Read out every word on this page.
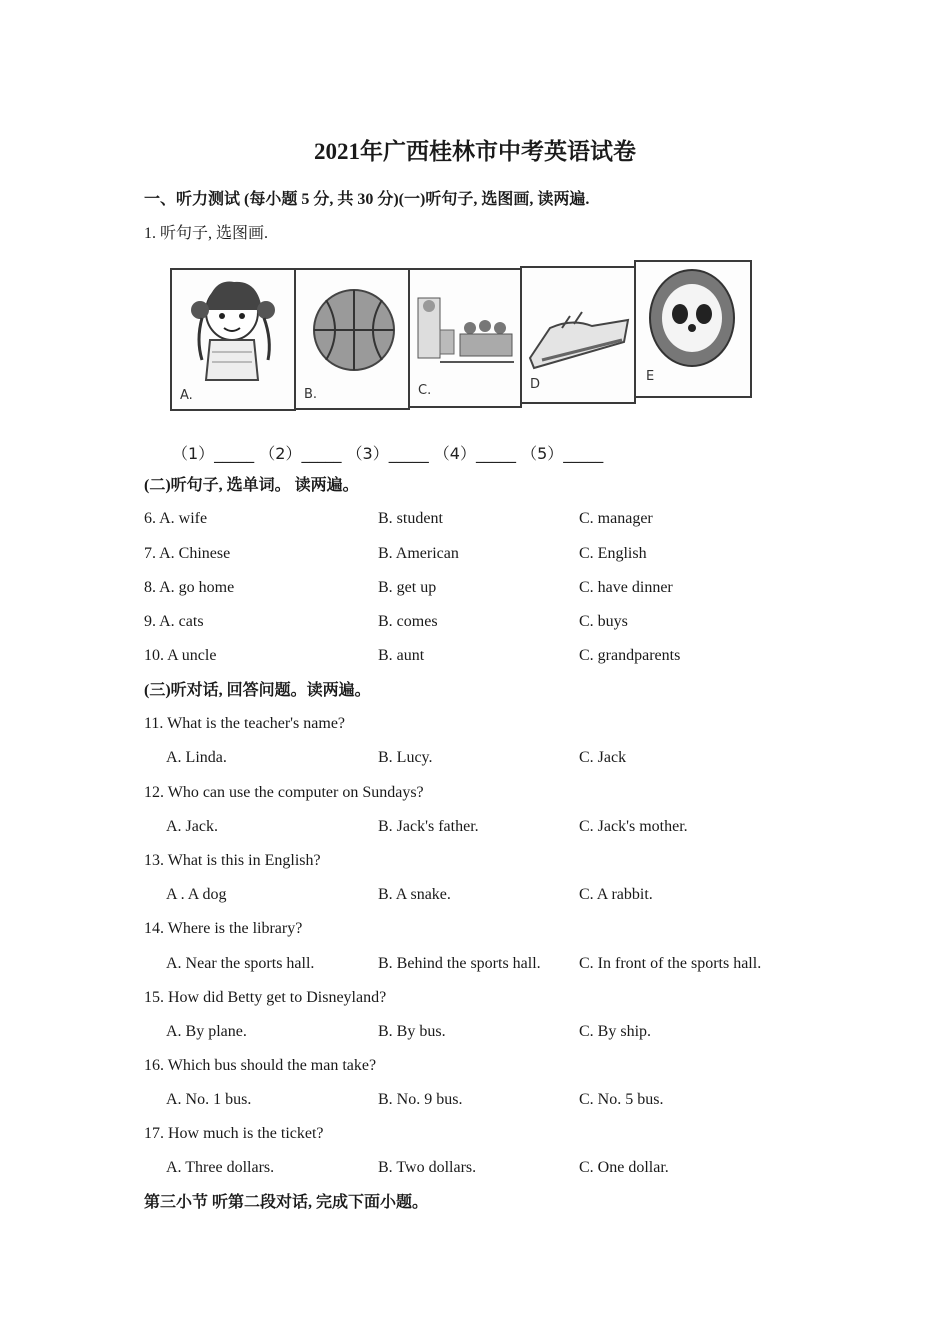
2021年广西桂林市中考英语试卷
一、听力测试 (每小题 5 分, 共 30 分)(一)听句子, 选图画, 读两遍.
1. 听句子, 选图画.
A.	B.	C.	D
E
（1）_____ （2）_____ （3）_____ （4）_____ （5）_____
(二)听句子, 选单词。 读两遍。
6. A. wife	B. student	C. manager
7. A. Chinese	B. American	C. English
8. A. go home	B. get up	C. have dinner
9. A. cats	B. comes	C. buys
10. A uncle	B. aunt	C. grandparents
(三)听对话, 回答问题。读两遍。
11. What is the teacher's name?
A. Linda.	B. Lucy.	C. Jack
12. Who can use the computer on Sundays?
A. Jack.	B. Jack's father.	C. Jack's mother.
13. What is this in English?
A . A dog	B. A snake.	C. A rabbit.
14. Where is the library?
A. Near the sports hall.	B. Behind the sports hall. C. In front of the sports hall.
15. How did Betty get to Disneyland?
A. By plane.	B. By bus.	C. By ship.
16. Which bus should the man take?
A. No. 1 bus.	B. No. 9 bus.	C. No. 5 bus.
17. How much is the ticket?
A. Three dollars.	B. Two dollars.	C. One dollar.
第三小节 听第二段对话, 完成下面小题。
